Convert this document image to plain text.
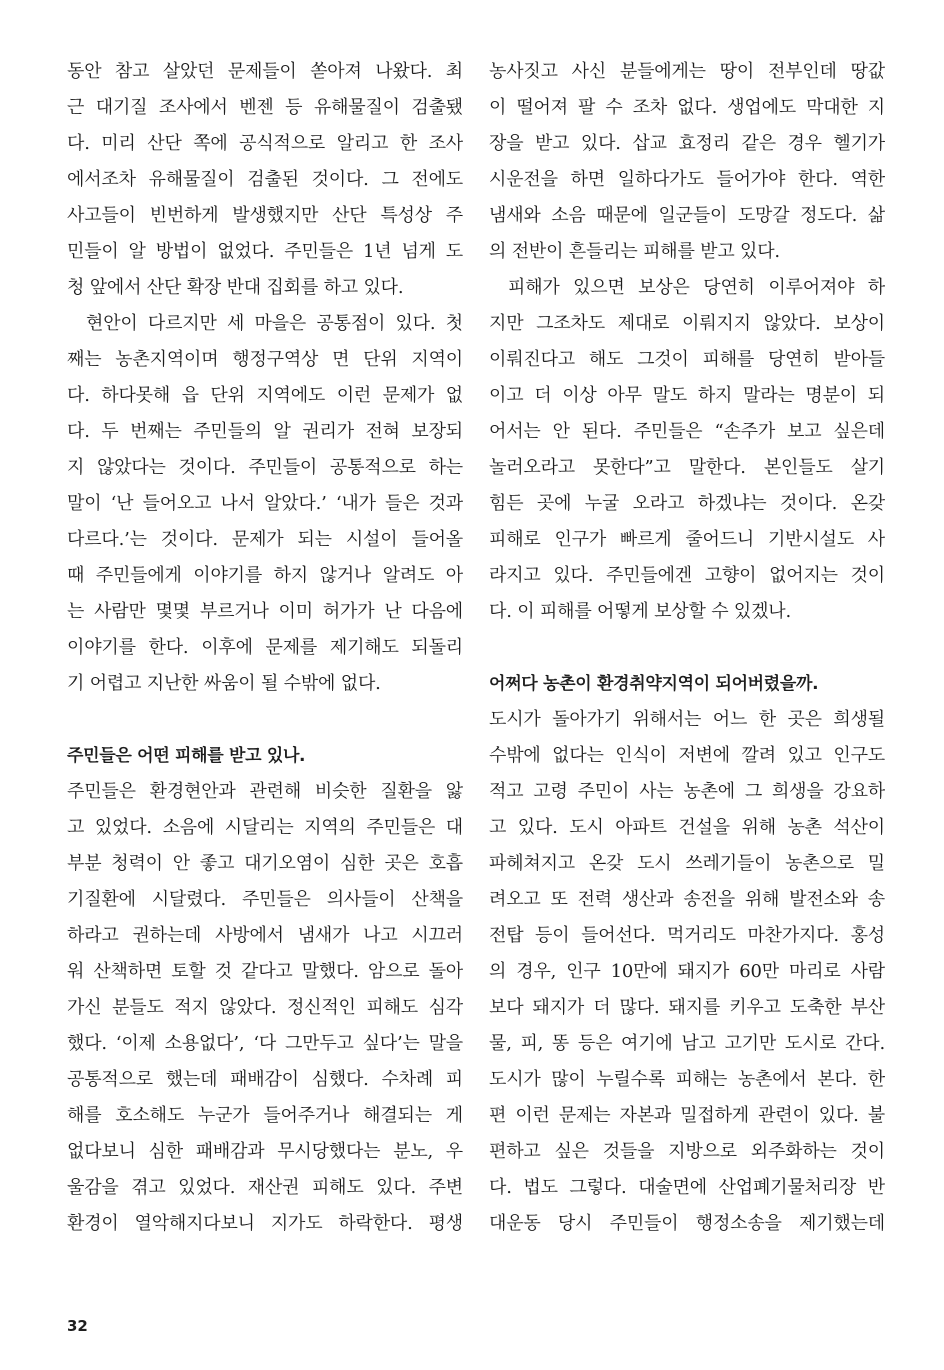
동안 참고 살았던 문제들이 쏟아져 나왔다. 최
근 대기질 조사에서 벤젠 등 유해물질이 검출됐
다. 미리 산단 쪽에 공식적으로 알리고 한 조사
에서조차 유해물질이 검출된 것이다. 그 전에도
사고들이 빈번하게 발생했지만 산단 특성상 주
민들이 알 방법이 없었다. 주민들은 1년 넘게 도
청 앞에서 산단 확장 반대 집회를 하고 있다.
현안이 다르지만 세 마을은 공통점이 있다. 첫
째는 농촌지역이며 행정구역상 면 단위 지역이
다. 하다못해 읍 단위 지역에도 이런 문제가 없
다. 두 번째는 주민들의 알 권리가 전혀 보장되
지 않았다는 것이다. 주민들이 공통적으로 하는
말이 ‘난 들어오고 나서 알았다.’ ‘내가 들은 것과
다르다.’는 것이다. 문제가 되는 시설이 들어올
때 주민들에게 이야기를 하지 않거나 알려도 아
는 사람만 몇몇 부르거나 이미 허가가 난 다음에
이야기를 한다. 이후에 문제를 제기해도 되돌리
기 어렵고 지난한 싸움이 될 수밖에 없다.
주민들은 어떤 피해를 받고 있나.
주민들은 환경현안과 관련해 비슷한 질환을 앓
고 있었다. 소음에 시달리는 지역의 주민들은 대
부분 청력이 안 좋고 대기오염이 심한 곳은 호흡
기질환에 시달렸다. 주민들은 의사들이 산책을
하라고 권하는데 사방에서 냄새가 나고 시끄러
워 산책하면 토할 것 같다고 말했다. 암으로 돌아
가신 분들도 적지 않았다. 정신적인 피해도 심각
했다. ‘이제 소용없다’, ‘다 그만두고 싶다’는 말을
공통적으로 했는데 패배감이 심했다. 수차례 피
해를 호소해도 누군가 들어주거나 해결되는 게
없다보니 심한 패배감과 무시당했다는 분노, 우
울감을 겪고 있었다. 재산권 피해도 있다. 주변
환경이 열악해지다보니 지가도 하락한다. 평생
농사짓고 사신 분들에게는 땅이 전부인데 땅값
이 떨어져 팔 수 조차 없다. 생업에도 막대한 지
장을 받고 있다. 삽교 효정리 같은 경우 헬기가
시운전을 하면 일하다가도 들어가야 한다. 역한
냄새와 소음 때문에 일군들이 도망갈 정도다. 삶
의 전반이 흔들리는 피해를 받고 있다.
피해가 있으면 보상은 당연히 이루어져야 하
지만 그조차도 제대로 이뤄지지 않았다. 보상이
이뤄진다고 해도 그것이 피해를 당연히 받아들
이고 더 이상 아무 말도 하지 말라는 명분이 되
어서는 안 된다. 주민들은 “손주가 보고 싶은데
놀러오라고 못한다”고 말한다. 본인들도 살기
힘든 곳에 누굴 오라고 하겠냐는 것이다. 온갖
피해로 인구가 빠르게 줄어드니 기반시설도 사
라지고 있다. 주민들에겐 고향이 없어지는 것이
다. 이 피해를 어떻게 보상할 수 있겠나.
어쩌다 농촌이 환경취약지역이 되어버렸을까.
도시가 돌아가기 위해서는 어느 한 곳은 희생될
수밖에 없다는 인식이 저변에 깔려 있고 인구도
적고 고령 주민이 사는 농촌에 그 희생을 강요하
고 있다. 도시 아파트 건설을 위해 농촌 석산이
파헤쳐지고 온갖 도시 쓰레기들이 농촌으로 밀
려오고 또 전력 생산과 송전을 위해 발전소와 송
전탑 등이 들어선다. 먹거리도 마찬가지다. 홍성
의 경우, 인구 10만에 돼지가 60만 마리로 사람
보다 돼지가 더 많다. 돼지를 키우고 도축한 부산
물, 피, 똥 등은 여기에 남고 고기만 도시로 간다.
도시가 많이 누릴수록 피해는 농촌에서 본다. 한
편 이런 문제는 자본과 밀접하게 관련이 있다. 불
편하고 싶은 것들을 지방으로 외주화하는 것이
다. 법도 그렇다. 대술면에 산업폐기물처리장 반
대운동 당시 주민들이 행정소송을 제기했는데
32
